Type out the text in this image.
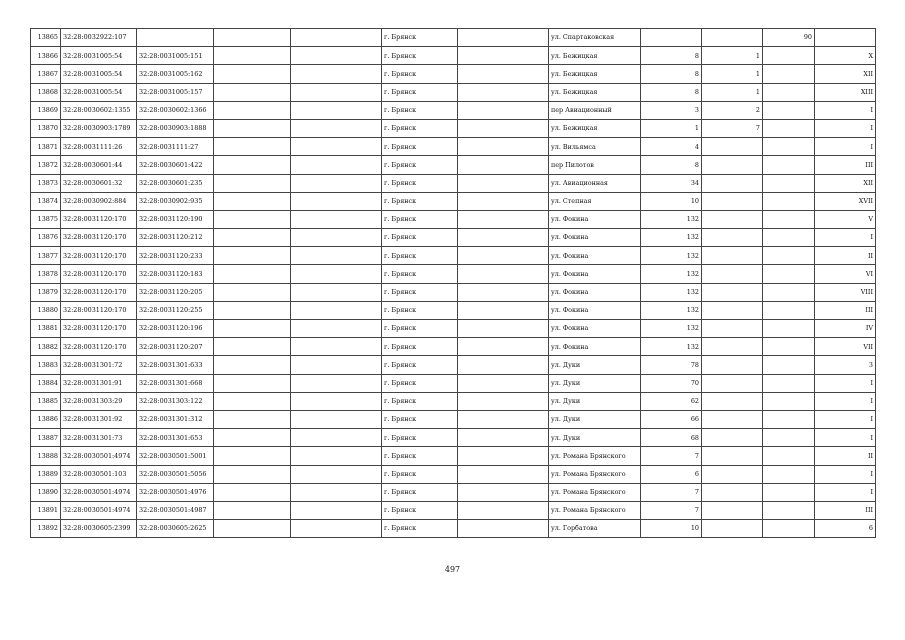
13865	32:28:0032922:107				г. Брянск		ул. Спартаковская			90	
13866	32:28:0031005:54	32:28:0031005:151			г. Брянск		ул. Бежицкая	8	1		X
13867	32:28:0031005:54	32:28:0031005:162			г. Брянск		ул. Бежицкая	8	1		XII
13868	32:28:0031005:54	32:28:0031005:157			г. Брянск		ул. Бежицкая	8	1		XIII
13869	32:28:0030602:1355	32:28:0030602:1366			г. Брянск		пер Авиационный	3	2		I
13870	32:28:0030903:1789	32:28:0030903:1888			г. Брянск		ул. Бежицкая	1	7		I
13871	32:28:0031111:26	32:28:0031111:27			г. Брянск		ул. Вильямса	4			I
13872	32:28:0030601:44	32:28:0030601:422			г. Брянск		пер Пилотов	8			III
13873	32:28:0030601:32	32:28:0030601:235			г. Брянск		ул. Авиационная	34			XII
13874	32:28:0030902:884	32:28:0030902:935			г. Брянск		ул. Степная	10			XVII
13875	32:28:0031120:170	32:28:0031120:190			г. Брянск		ул. Фокина	132			V
13876	32:28:0031120:170	32:28:0031120:212			г. Брянск		ул. Фокина	132			I
13877	32:28:0031120:170	32:28:0031120:233			г. Брянск		ул. Фокина	132			II
13878	32:28:0031120:170	32:28:0031120:183			г. Брянск		ул. Фокина	132			VI
13879	32:28:0031120:170	32:28:0031120:205			г. Брянск		ул. Фокина	132			VIII
13880	32:28:0031120:170	32:28:0031120:255			г. Брянск		ул. Фокина	132			III
13881	32:28:0031120:170	32:28:0031120:196			г. Брянск		ул. Фокина	132			IV
13882	32:28:0031120:170	32:28:0031120:207			г. Брянск		ул. Фокина	132			VII
13883	32:28:0031301:72	32:28:0031301:633			г. Брянск		ул. Дуки	78			3
13884	32:28:0031301:91	32:28:0031301:668			г. Брянск		ул. Дуки	70			I
13885	32:28:0031303:29	32:28:0031303:122			г. Брянск		ул. Дуки	62			I
13886	32:28:0031301:92	32:28:0031301:312			г. Брянск		ул. Дуки	66			I
13887	32:28:0031301:73	32:28:0031301:653			г. Брянск		ул. Дуки	68			I
13888	32:28:0030501:4974	32:28:0030501:5001			г. Брянск		ул. Романа Брянского	7			II
13889	32:28:0030501:103	32:28:0030501:5056			г. Брянск		ул. Романа Брянского	6			I
13890	32:28:0030501:4974	32:28:0030501:4976			г. Брянск		ул. Романа Брянского	7			I
13891	32:28:0030501:4974	32:28:0030501:4987			г. Брянск		ул. Романа Брянского	7			III
13892	32:28:0030605:2399	32:28:0030605:2625			г. Брянск		ул. Горбатова	10			6
497
